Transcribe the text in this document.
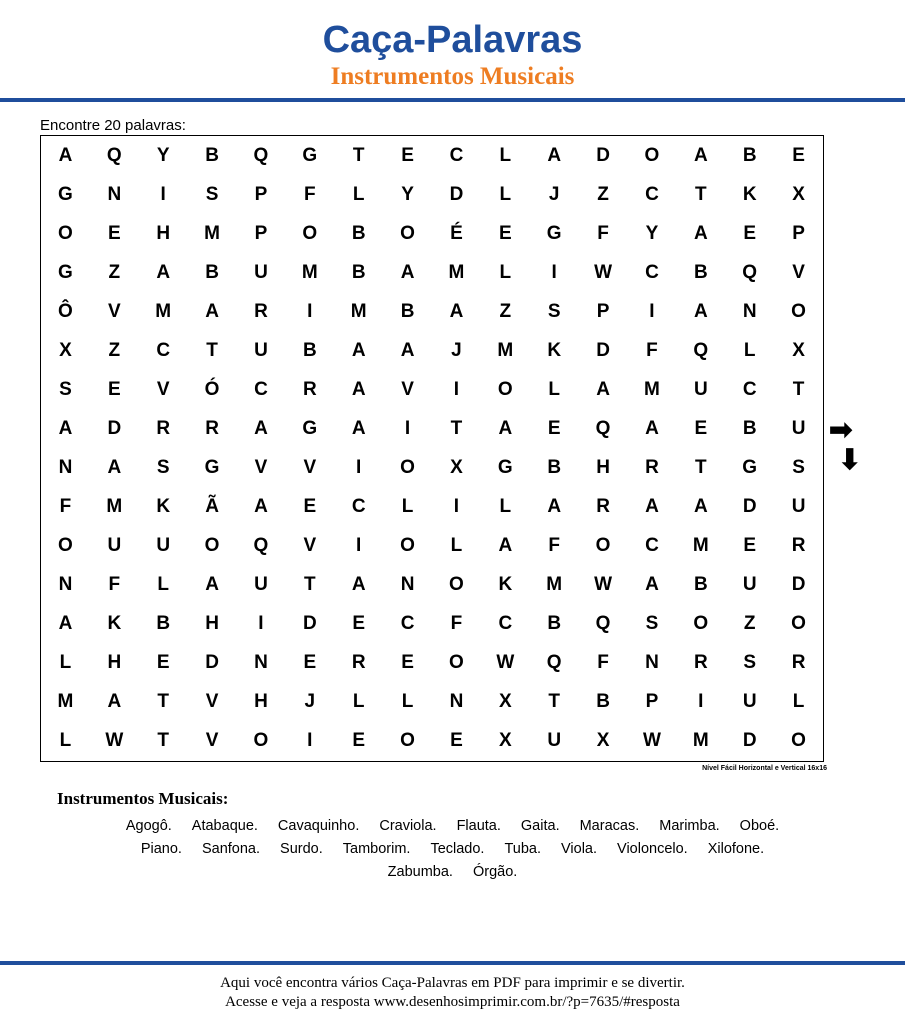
Caça-Palavras
Instrumentos Musicais
Encontre 20 palavras:
A	Q	Y	B	Q	G	T	E	C	L	A	D	O	A	B	E
G	N	I	S	P	F	L	Y	D	L	J	Z	C	T	K	X
O	E	H	M	P	O	B	O	É	E	G	F	Y	A	E	P
G	Z	A	B	U	M	B	A	M	L	I	W	C	B	Q	V
Ô	V	M	A	R	I	M	B	A	Z	S	P	I	A	N	O
X	Z	C	T	U	B	A	A	J	M	K	D	F	Q	L	X
S	E	V	Ó	C	R	A	V	I	O	L	A	M	U	C	T
A	D	R	R	A	G	A	I	T	A	E	Q	A	E	B	U
N	A	S	G	V	V	I	O	X	G	B	H	R	T	G	S
F	M	K	Ã	A	E	C	L	I	L	A	R	A	A	D	U
O	U	U	O	Q	V	I	O	L	A	F	O	C	M	E	R
N	F	L	A	U	T	A	N	O	K	M	W	A	B	U	D
A	K	B	H	I	D	E	C	F	C	B	Q	S	O	Z	O
L	H	E	D	N	E	R	E	O	W	Q	F	N	R	S	R
M	A	T	V	H	J	L	L	N	X	T	B	P	I	U	L
L	W	T	V	O	I	E	O	E	X	U	X	W	M	D	O
Nível Fácil Horizontal e Vertical 16x16
➡
⬇
Instrumentos Musicais:
Agogô. Atabaque. Cavaquinho. Craviola. Flauta. Gaita. Maracas. Marimba. Oboé.
Piano. Sanfona. Surdo. Tamborim. Teclado. Tuba. Viola. Violoncelo. Xilofone.
Zabumba. Órgão.
Aqui você encontra vários Caça-Palavras em PDF para imprimir e se divertir.
Acesse e veja a resposta www.desenhosimprimir.com.br/?p=7635/#resposta
